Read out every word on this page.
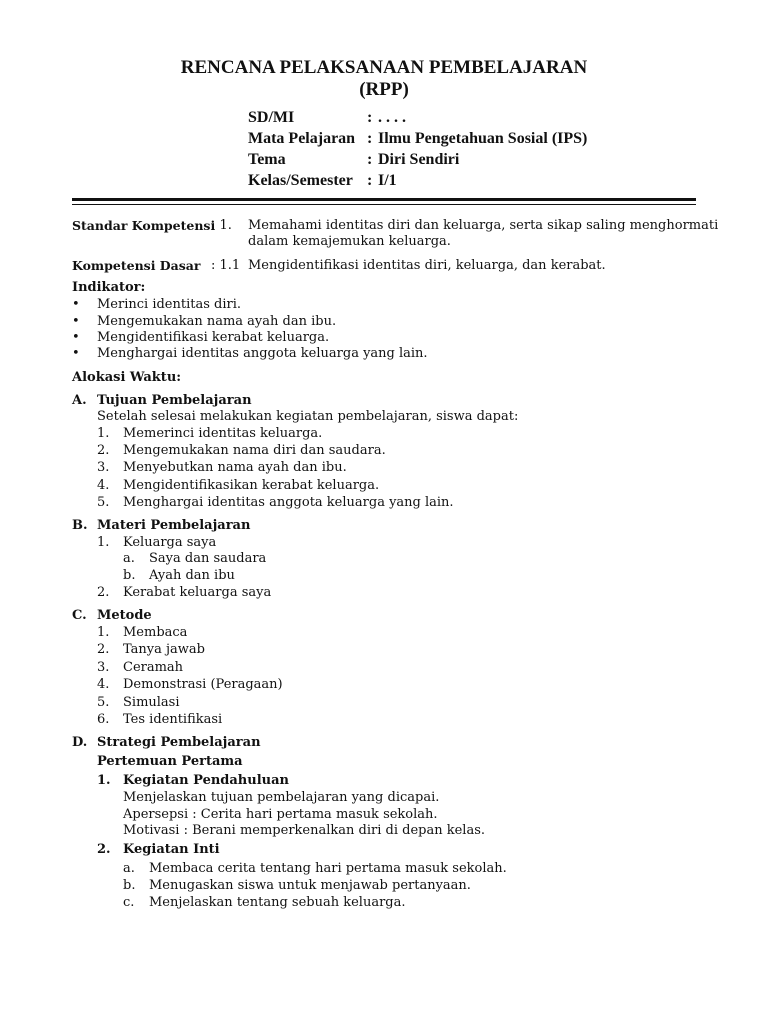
RENCANA PELAKSANAAN PEMBELAJARAN
(RPP)
SD/MI	: . . . .
Mata Pelajaran : Ilmu Pengetahuan Sosial (IPS)
Tema	: Diri Sendiri
Kelas/Semester : I/1
Standar Kompetensi
: 1. Memahami identitas diri dan keluarga, serta sikap saling menghormati
dalam kemajemukan keluarga.
Kompetensi Dasar : 1.1 Mengidentifikasi identitas diri, keluarga, dan kerabat.
Indikator:
• Merinci identitas diri.
• Mengemukakan nama ayah dan ibu.
• Mengidentifikasi kerabat keluarga.
• Menghargai identitas anggota keluarga yang lain.
Alokasi Waktu:
A. Tujuan Pembelajaran
Setelah selesai melakukan kegiatan pembelajaran, siswa dapat:
1. Memerinci identitas keluarga.
2. Mengemukakan nama diri dan saudara.
3. Menyebutkan nama ayah dan ibu.
4. Mengidentifikasikan kerabat keluarga.
5. Menghargai identitas anggota keluarga yang lain.
B. Materi Pembelajaran
1. Keluarga saya
a. Saya dan saudara
b. Ayah dan ibu
2. Kerabat keluarga saya
C. Metode
1. Membaca
2. Tanya jawab
3. Ceramah
4. Demonstrasi (Peragaan)
5. Simulasi
6. Tes identifikasi
D. Strategi Pembelajaran
Pertemuan Pertama
1. Kegiatan Pendahuluan
Menjelaskan tujuan pembelajaran yang dicapai.
Apersepsi : Cerita hari pertama masuk sekolah.
Motivasi : Berani memperkenalkan diri di depan kelas.
2. Kegiatan Inti
a. Membaca cerita tentang hari pertama masuk sekolah.
b. Menugaskan siswa untuk menjawab pertanyaan.
c. Menjelaskan tentang sebuah keluarga.
